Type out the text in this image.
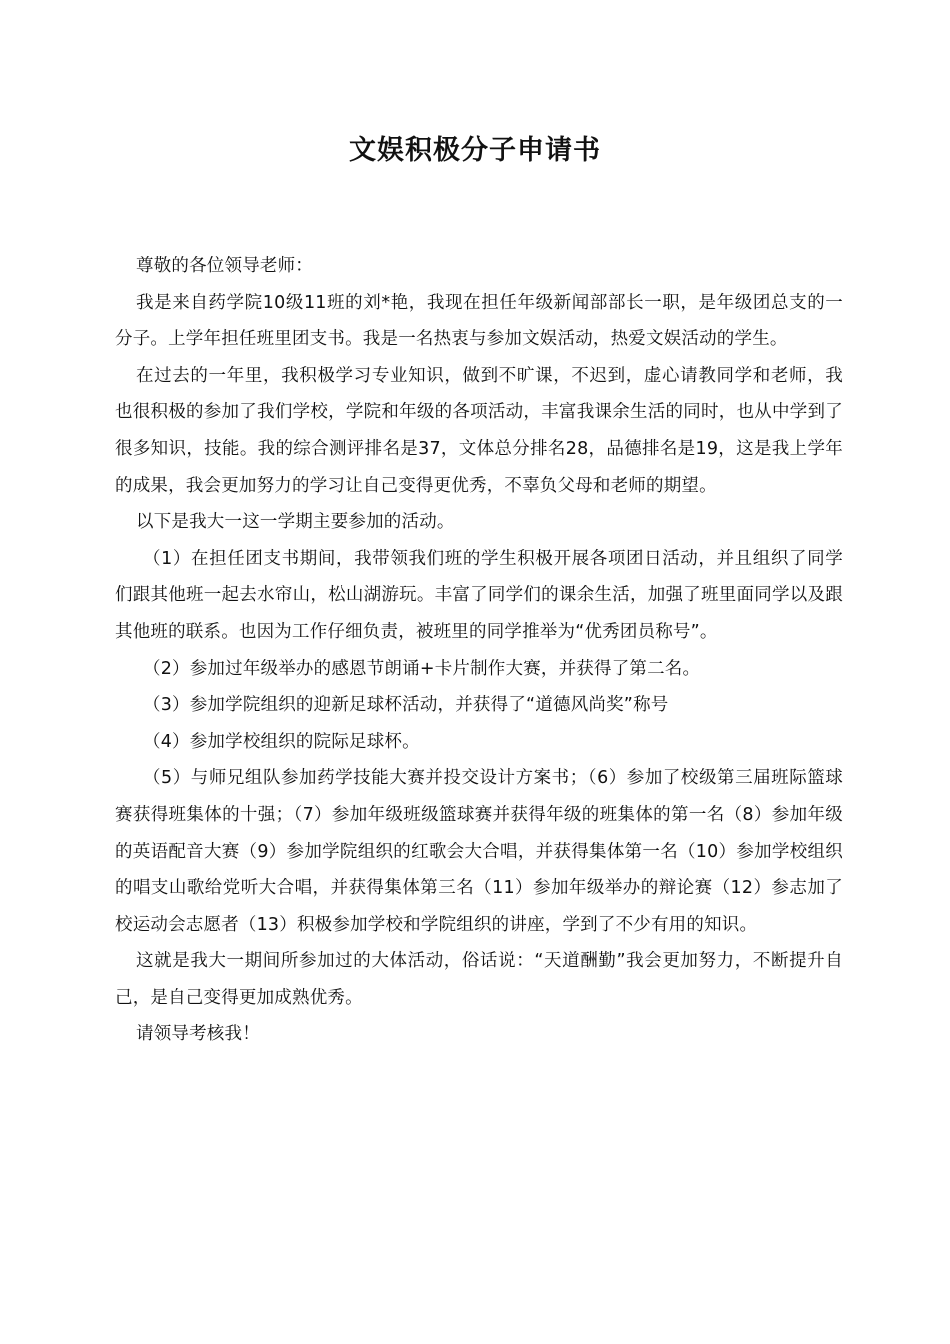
文娱积极分子申请书

尊敬的各位领导老师：

我是来自药学院10级11班的刘*艳，我现在担任年级新闻部部长一职，是年级团总支的一分子。上学年担任班里团支书。我是一名热衷与参加文娱活动，热爱文娱活动的学生。

在过去的一年里，我积极学习专业知识，做到不旷课，不迟到，虚心请教同学和老师，我也很积极的参加了我们学校，学院和年级的各项活动，丰富我课余生活的同时，也从中学到了很多知识，技能。我的综合测评排名是37，文体总分排名28，品德排名是19，这是我上学年的成果，我会更加努力的学习让自己变得更优秀，不辜负父母和老师的期望。

以下是我大一这一学期主要参加的活动。

（1）在担任团支书期间，我带领我们班的学生积极开展各项团日活动，并且组织了同学们跟其他班一起去水帘山，松山湖游玩。丰富了同学们的课余生活，加强了班里面同学以及跟其他班的联系。也因为工作仔细负责，被班里的同学推举为“优秀团员称号”。

（2）参加过年级举办的感恩节朗诵+卡片制作大赛，并获得了第二名。

（3）参加学院组织的迎新足球杯活动，并获得了“道德风尚奖”称号

（4）参加学校组织的院际足球杯。

（5）与师兄组队参加药学技能大赛并投交设计方案书；（6）参加了校级第三届班际篮球赛获得班集体的十强；（7）参加年级班级篮球赛并获得年级的班集体的第一名（8）参加年级的英语配音大赛（9）参加学院组织的红歌会大合唱，并获得集体第一名（10）参加学校组织的唱支山歌给党听大合唱，并获得集体第三名（11）参加年级举办的辩论赛（12）参志加了校运动会志愿者（13）积极参加学校和学院组织的讲座，学到了不少有用的知识。

这就是我大一期间所参加过的大体活动，俗话说：“天道酬勤”我会更加努力，不断提升自己，是自己变得更加成熟优秀。

请领导考核我！
